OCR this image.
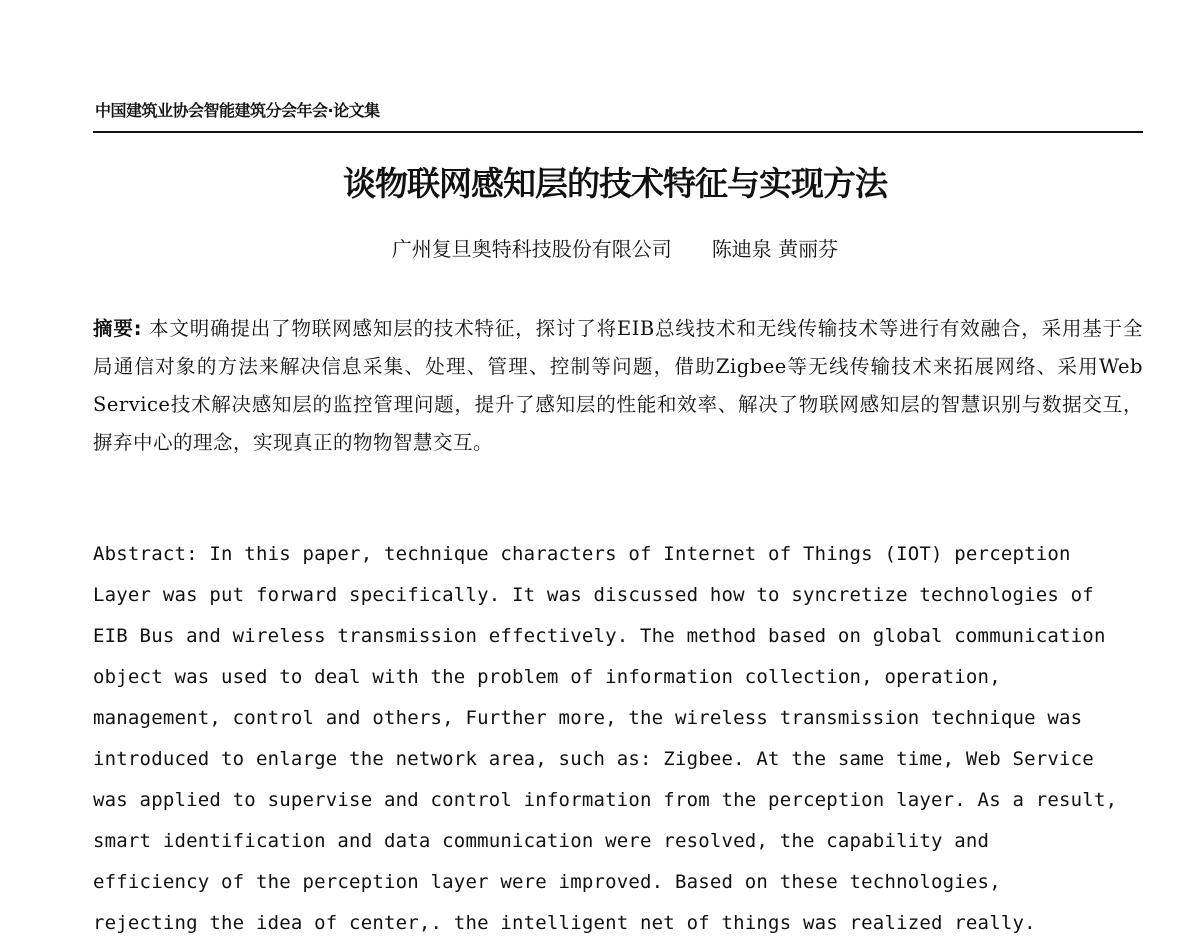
中国建筑业协会智能建筑分会年会·论文集
谈物联网感知层的技术特征与实现方法
广州复旦奥特科技股份有限公司 陈迪泉 黄丽芬
摘要: 本文明确提出了物联网感知层的技术特征，探讨了将EIB总线技术和无线传输技术等进行有效融合，采用基于全局通信对象的方法来解决信息采集、处理、管理、控制等问题，借助Zigbee等无线传输技术来拓展网络、采用Web Service技术解决感知层的监控管理问题，提升了感知层的性能和效率、解决了物联网感知层的智慧识别与数据交互，摒弃中心的理念，实现真正的物物智慧交互。
Abstract: In this paper, technique characters of Internet of Things (IOT) perception
Layer was put forward specifically. It was discussed how to syncretize technologies of
EIB Bus and wireless transmission effectively. The method based on global communication
object was used to deal with the problem of information collection, operation,
management, control and others, Further more, the wireless transmission technique was
introduced to enlarge the network area, such as: Zigbee. At the same time, Web Service
was applied to supervise and control information from the perception layer. As a result,
smart identification and data communication were resolved, the capability and
efficiency of the perception layer were improved. Based on these technologies,
rejecting the idea of center,. the intelligent net of things was realized really.
